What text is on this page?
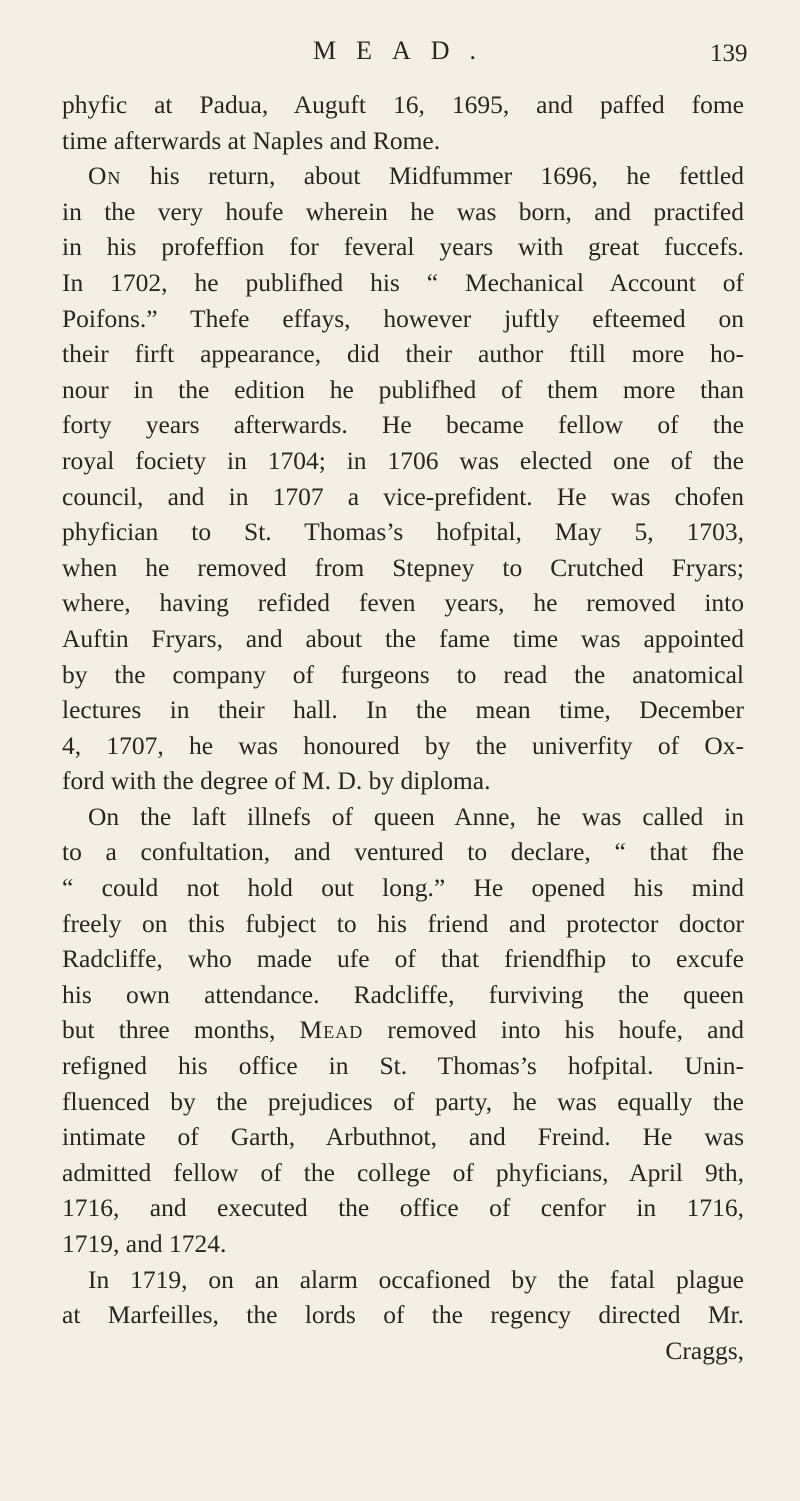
MEAD.	139
phyfic at Padua, Auguft 16, 1695, and paffed fome
time afterwards at Naples and Rome.
On his return, about Midfummer 1696, he fettled
in the very houfe wherein he was born, and practifed
in his profeffion for feveral years with great fuccefs.
In 1702, he publifhed his “ Mechanical Account of
Poifons.” Thefe effays, however juftly efteemed on
their firft appearance, did their author ftill more ho-
nour in the edition he publifhed of them more than
forty years afterwards. He became fellow of the
royal fociety in 1704; in 1706 was elected one of the
council, and in 1707 a vice-prefident. He was chofen
phyfician to St. Thomas’s hofpital, May 5, 1703,
when he removed from Stepney to Crutched Fryars;
where, having refided feven years, he removed into
Auftin Fryars, and about the fame time was appointed
by the company of furgeons to read the anatomical
lectures in their hall. In the mean time, December
4, 1707, he was honoured by the univerfity of Ox-
ford with the degree of M. D. by diploma.
On the laft illnefs of queen Anne, he was called in
to a confultation, and ventured to declare, “ that fhe
“ could not hold out long.” He opened his mind
freely on this fubject to his friend and protector doctor
Radcliffe, who made ufe of that friendfhip to excufe
his own attendance. Radcliffe, furviving the queen
but three months, Mead removed into his houfe, and
refigned his office in St. Thomas’s hofpital. Unin-
fluenced by the prejudices of party, he was equally the
intimate of Garth, Arbuthnot, and Freind. He was
admitted fellow of the college of phyficians, April 9th,
1716, and executed the office of cenfor in 1716,
1719, and 1724.
In 1719, on an alarm occafioned by the fatal plague
at Marfeilles, the lords of the regency directed Mr.
Craggs,
